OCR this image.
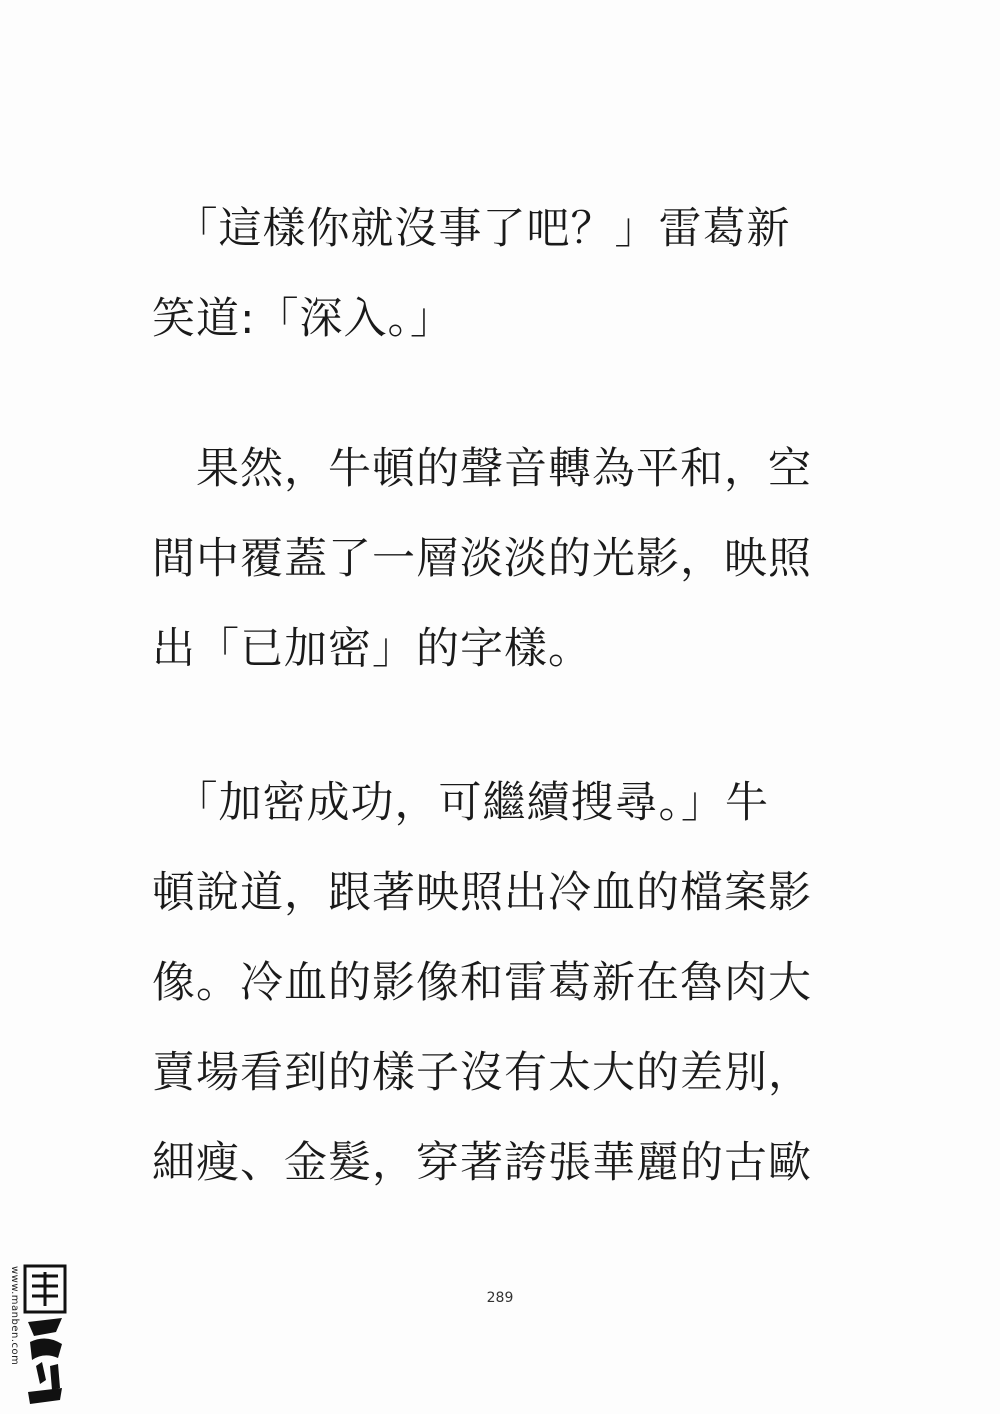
　「這樣你就沒事了吧？」雷葛新
笑道:「深入。」
　果然，牛頓的聲音轉為平和，空
間中覆蓋了一層淡淡的光影，映照
出「已加密」的字樣。
　「加密成功，可繼續搜尋。」牛
頓說道，跟著映照出冷血的檔案影
像。冷血的影像和雷葛新在魯肉大
賣場看到的樣子沒有太大的差別，
細瘦、金髮，穿著誇張華麗的古歐
289
www.manben.com
